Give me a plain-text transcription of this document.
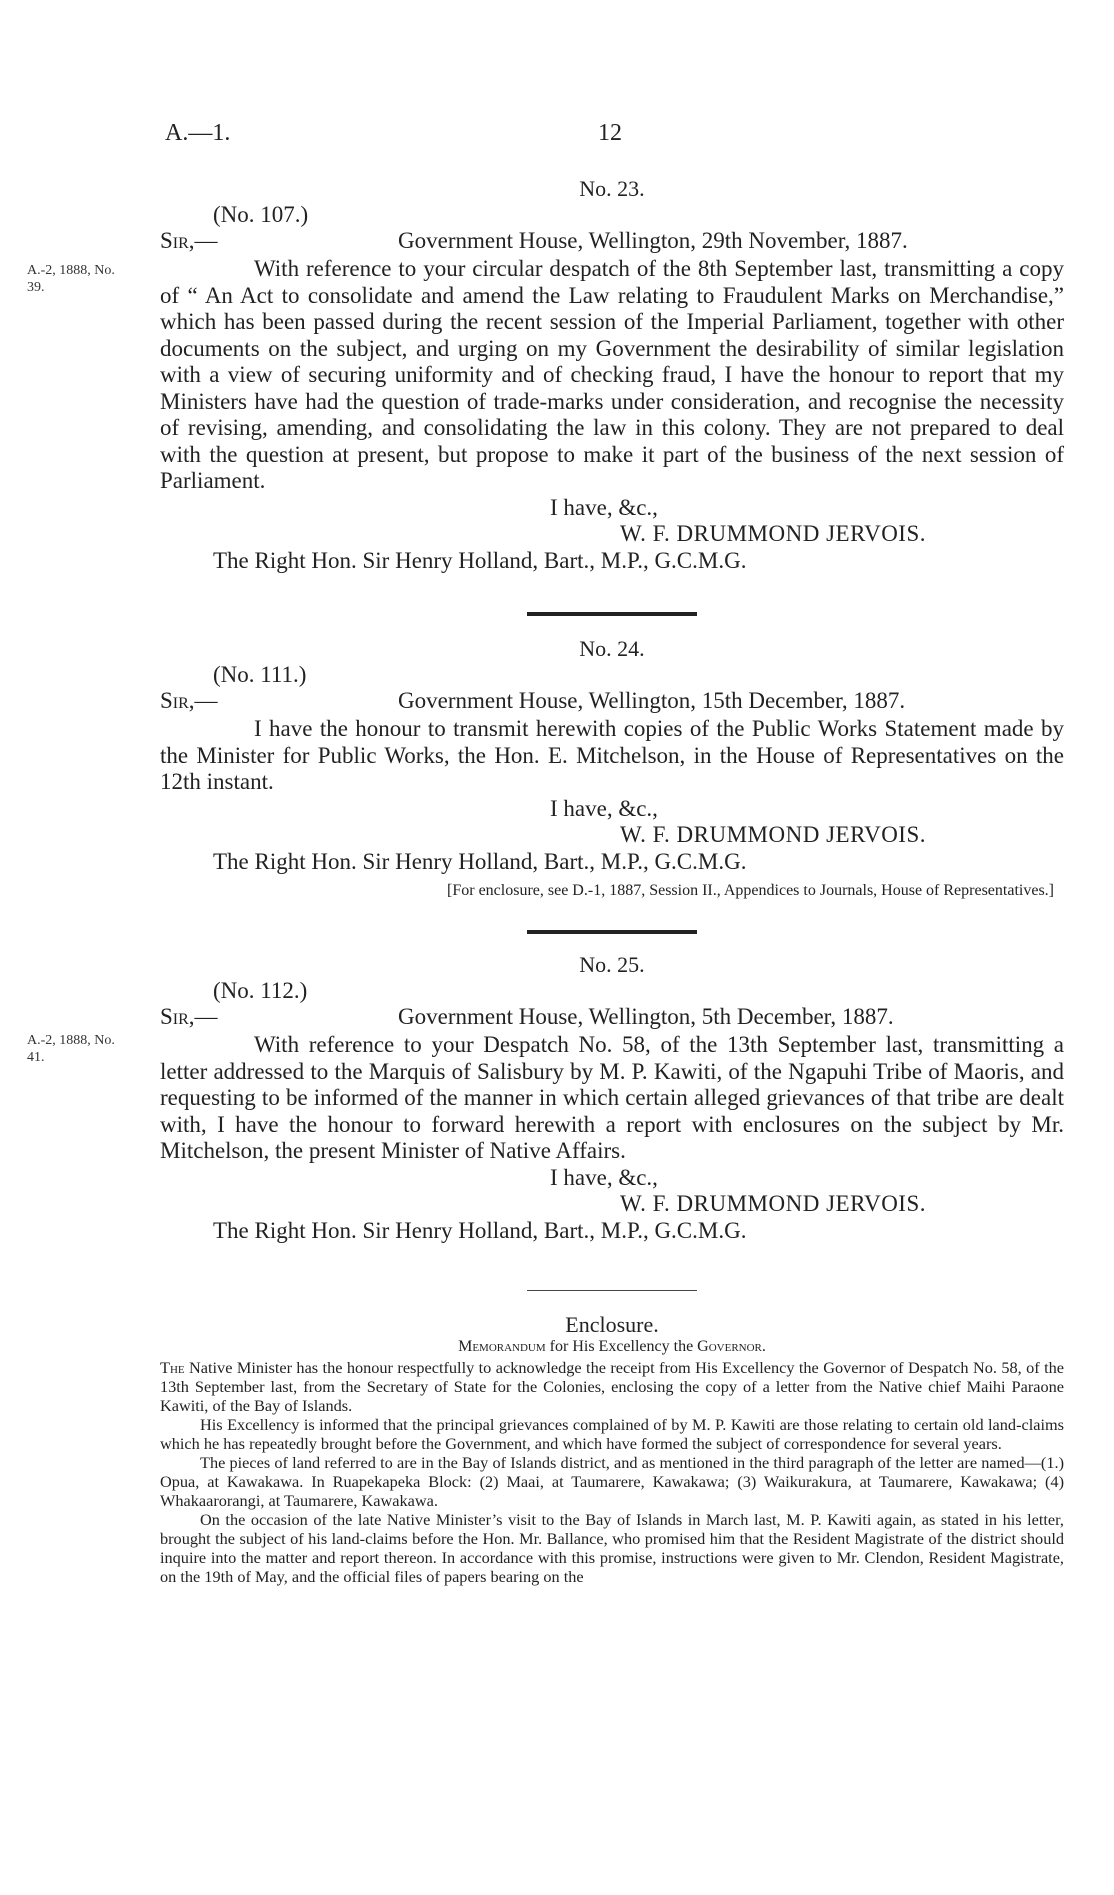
A.—1.	12
A.-2, 1888, No. 39.
A.-2, 1888, No. 41.
No. 23.
(No. 107.)
Sir,—	Government House, Wellington, 29th November, 1887.
With reference to your circular despatch of the 8th September last, transmitting a copy of “ An Act to consolidate and amend the Law relating to Fraudulent Marks on Merchandise,” which has been passed during the recent session of the Imperial Parliament, together with other documents on the subject, and urging on my Government the desirability of similar legislation with a view of securing uniformity and of checking fraud, I have the honour to report that my Ministers have had the question of trade-marks under consideration, and recognise the necessity of revising, amending, and consolidating the law in this colony. They are not prepared to deal with the question at present, but propose to make it part of the business of the next session of Parliament.
I have, &c.,
W. F. DRUMMOND JERVOIS.
The Right Hon. Sir Henry Holland, Bart., M.P., G.C.M.G.
No. 24.
(No. 111.)
Sir,—	Government House, Wellington, 15th December, 1887.
I have the honour to transmit herewith copies of the Public Works Statement made by the Minister for Public Works, the Hon. E. Mitchelson, in the House of Representatives on the 12th instant.
I have, &c.,
W. F. DRUMMOND JERVOIS.
The Right Hon. Sir Henry Holland, Bart., M.P., G.C.M.G.
[For enclosure, see D.-1, 1887, Session II., Appendices to Journals, House of Representatives.]
No. 25.
(No. 112.)
Sir,—	Government House, Wellington, 5th December, 1887.
With reference to your Despatch No. 58, of the 13th September last, transmitting a letter addressed to the Marquis of Salisbury by M. P. Kawiti, of the Ngapuhi Tribe of Maoris, and requesting to be informed of the manner in which certain alleged grievances of that tribe are dealt with, I have the honour to forward herewith a report with enclosures on the subject by Mr. Mitchelson, the present Minister of Native Affairs.
I have, &c.,
W. F. DRUMMOND JERVOIS.
The Right Hon. Sir Henry Holland, Bart., M.P., G.C.M.G.
Enclosure.
Memorandum for His Excellency the Governor.

The Native Minister has the honour respectfully to acknowledge the receipt from His Excellency the Governor of Despatch No. 58, of the 13th September last, from the Secretary of State for the Colonies, enclosing the copy of a letter from the Native chief Maihi Paraone Kawiti, of the Bay of Islands.

His Excellency is informed that the principal grievances complained of by M. P. Kawiti are those relating to certain old land-claims which he has repeatedly brought before the Government, and which have formed the subject of correspondence for several years.

The pieces of land referred to are in the Bay of Islands district, and as mentioned in the third paragraph of the letter are named—(1.) Opua, at Kawakawa. In Ruapekapeka Block: (2) Maai, at Taumarere, Kawakawa; (3) Waikurakura, at Taumarere, Kawakawa; (4) Whakaarorangi, at Taumarere, Kawakawa.

On the occasion of the late Native Minister’s visit to the Bay of Islands in March last, M. P. Kawiti again, as stated in his letter, brought the subject of his land-claims before the Hon. Mr. Ballance, who promised him that the Resident Magistrate of the district should inquire into the matter and report thereon. In accordance with this promise, instructions were given to Mr. Clendon, Resident Magistrate, on the 19th of May, and the official files of papers bearing on the
